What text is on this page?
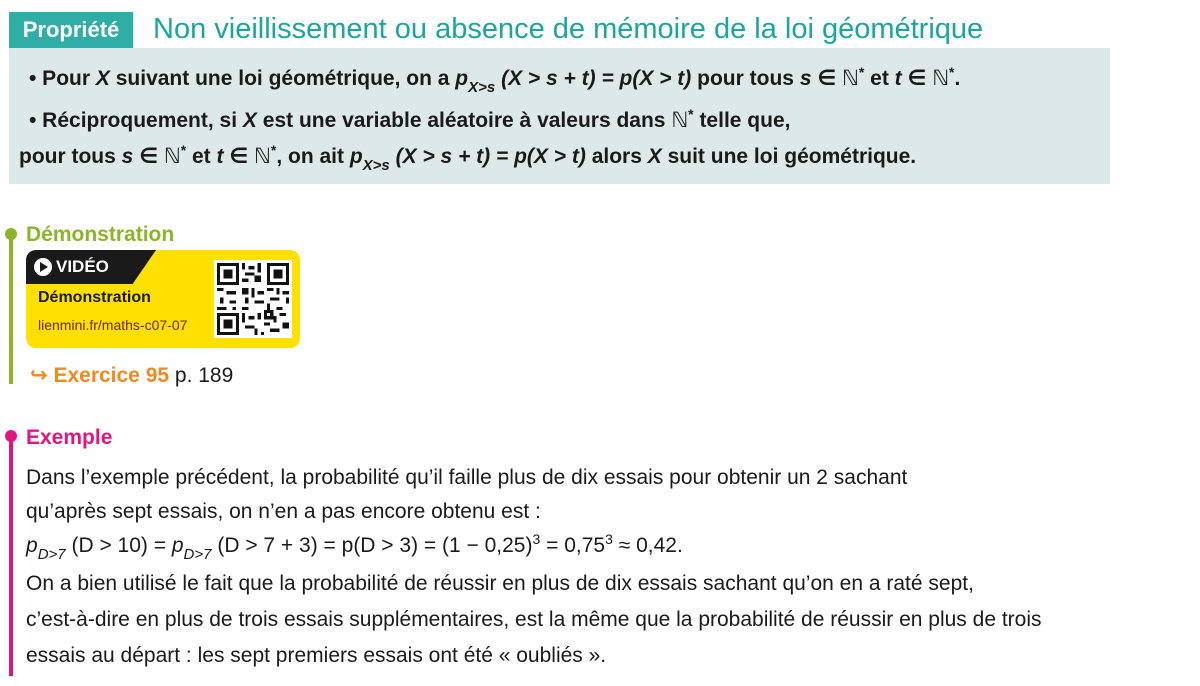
Propriété	Non vieillissement ou absence de mémoire de la loi géométrique
• Pour X suivant une loi géométrique, on a $p_{X>s}$ (X > s + t) = p(X > t) pour tous s ∈ ℕ* et t ∈ ℕ*.
• Réciproquement, si X est une variable aléatoire à valeurs dans ℕ* telle que,
pour tous s ∈ ℕ* et t ∈ ℕ*, on ait $p_{X>s}$ (X > s + t) = p(X > t) alors X suit une loi géométrique.
Démonstration
VIDÉO
Démonstration
lienmini.fr/maths-c07-07
↪ Exercice 95 p. 189
Exemple
Dans l’exemple précédent, la probabilité qu’il faille plus de dix essais pour obtenir un 2 sachant
qu’après sept essais, on n’en a pas encore obtenu est :
$p_{D>7}$ $(D > 10) = p_{D>7}$ $(D > 7 + 3) = p(D > 3) = (1 - 0,25)^3 = 0,75^3 \approx 0,42$.
On a bien utilisé le fait que la probabilité de réussir en plus de dix essais sachant qu’on en a raté sept,
c’est-à-dire en plus de trois essais supplémentaires, est la même que la probabilité de réussir en plus de trois
essais au départ : les sept premiers essais ont été « oubliés ».
